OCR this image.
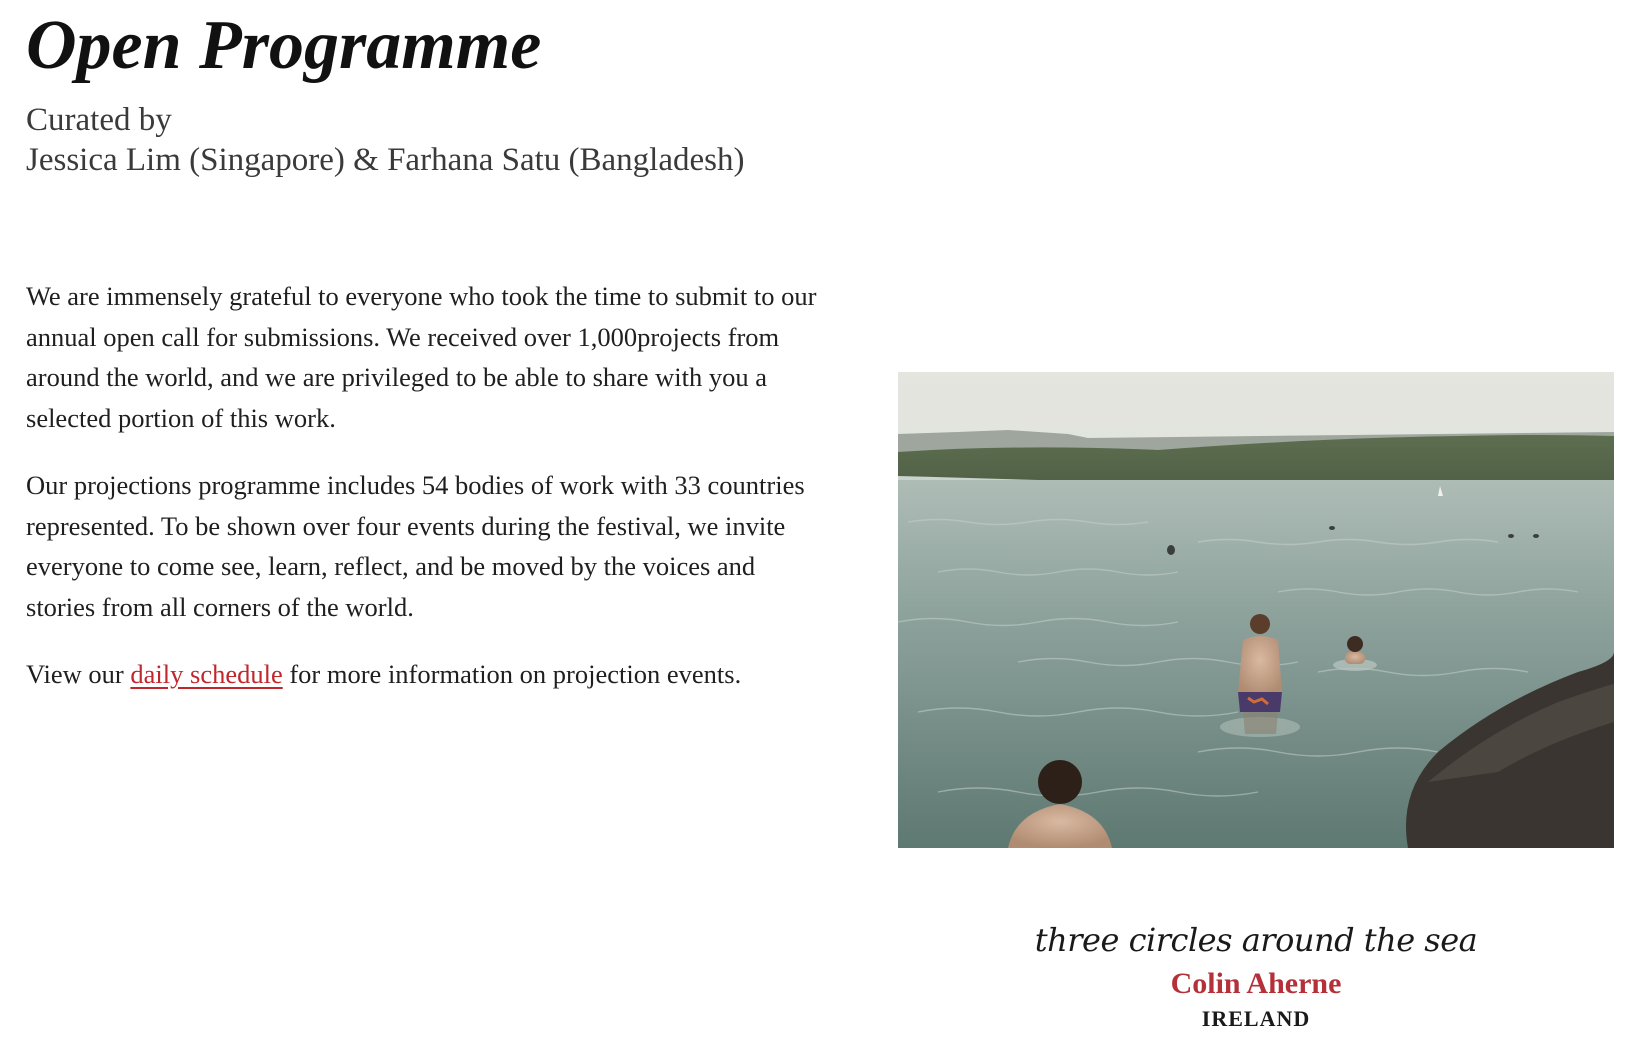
Open Programme
Curated by
Jessica Lim (Singapore) & Farhana Satu (Bangladesh)

We are immensely grateful to everyone who took the time to submit to our annual open call for submissions. We received over 1,000projects from around the world, and we are privileged to be able to share with you a selected portion of this work.

Our projections programme includes 54 bodies of work with 33 countries represented. To be shown over four events during the festival, we invite everyone to come see, learn, reflect, and be moved by the voices and stories from all corners of the world.

View our daily schedule for more information on projection events.

three circles around the sea
Colin Aherne
IRELAND
